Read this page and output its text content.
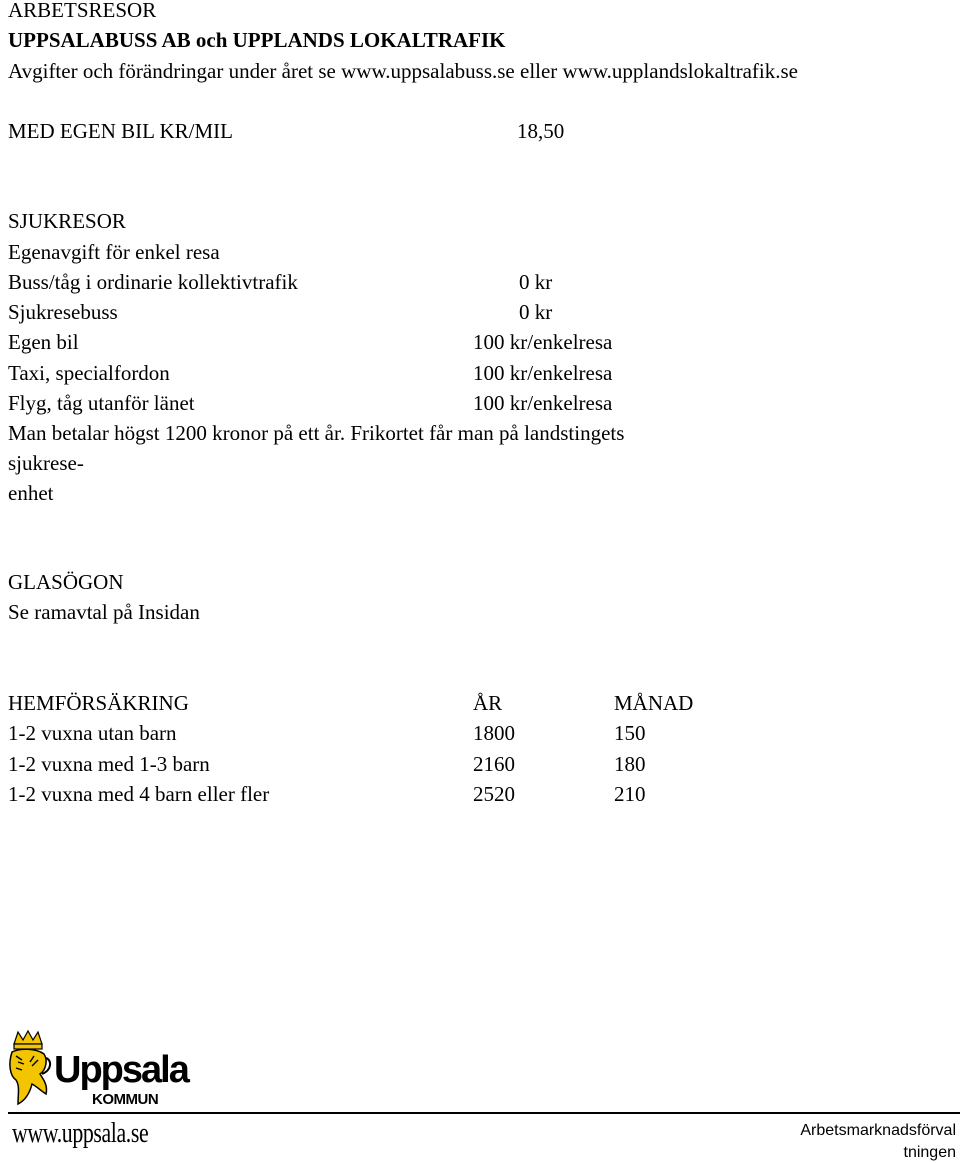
ARBETSRESOR
UPPSALABUSS AB och UPPLANDS LOKALTRAFIK
Avgifter och förändringar under året se www.uppsalabuss.se eller www.upplandslokaltrafik.se
MED EGEN BIL KR/MIL	18,50
SJUKRESOR
Egenavgift för enkel resa
Buss/tåg i ordinarie kollektivtrafik	0 kr
Sjukresebuss	0 kr
Egen bil	100 kr/enkelresa
Taxi, specialfordon	100 kr/enkelresa
Flyg, tåg utanför länet	100 kr/enkelresa
Man betalar högst 1200 kronor på ett år. Frikortet får man på landstingets
sjukrese-
enhet
GLASÖGON
Se ramavtal på Insidan
HEMFÖRSÄKRING	ÅR	MÅNAD
1-2 vuxna utan barn	1800	150
1-2 vuxna med 1-3 barn	2160	180
1-2 vuxna med 4 barn eller fler	2520	210
Uppsala
KOMMUN
www.uppsala.se	Arbetsmarknadsförval
tningen
